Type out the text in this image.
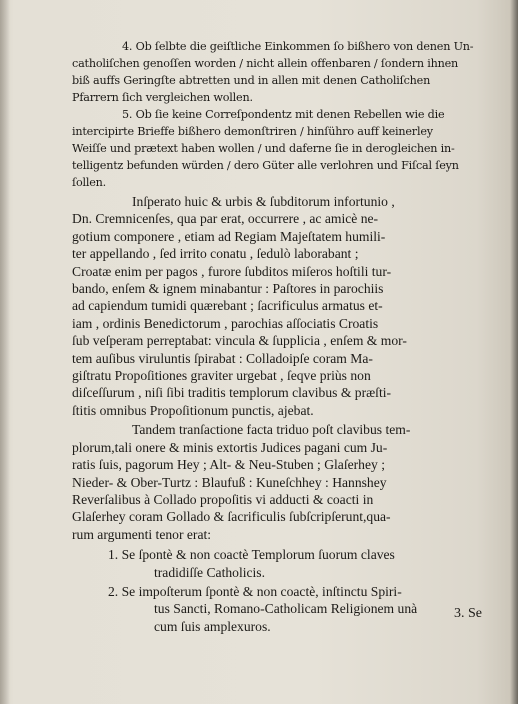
4. Ob ſelbte die geiſtliche Einkommen ſo bißhero von denen Un-
catholiſchen genoſſen worden / nicht allein offenbaren / ſondern ihnen
biß auffs Geringſte abtretten und in allen mit denen Catholiſchen
Pfarrern ſich vergleichen wollen.
5. Ob ſie keine Correſpondentz mit denen Rebellen wie die
intercipirte Brieffe bißhero demonſtriren / hinſühro auff keinerley
Weiſſe und prætext haben wollen / und daferne ſie in derogleichen in-
telligentz befunden würden / dero Güter alle verlohren und Fiſcal ſeyn
ſollen.
Inſperato huic & urbis & ſubditorum infortunio ,
Dn. Cremnicenſes, qua par erat, occurrere , ac amicè ne-
gotium componere , etiam ad Regiam Majeſtatem humili-
ter appellando , ſed irrito conatu , ſedulò laborabant ;
Croatæ enim per pagos , furore ſubditos miſeros hoſtili tur-
bando, enſem & ignem minabantur : Paſtores in parochiis
ad capiendum tumidi quærebant ; ſacrificulus armatus et-
iam , ordinis Benedictorum , parochias aſſociatis Croatis
ſub veſperam perreptabat: vincula & ſupplicia , enſem & mor-
tem auſibus viruluntis ſpirabat : Colladoipſe coram Ma-
giſtratu Propoſitiones graviter urgebat , ſeqve priùs non
diſceſſurum , niſi ſibi traditis templorum clavibus & præſti-
ſtitis omnibus Propoſitionum punctis, ajebat.
Tandem tranſactione facta triduo poſt clavibus tem-
plorum,tali onere & minis extortis Judices pagani cum Ju-
ratis ſuis, pagorum Hey ; Alt- & Neu-Stuben ; Glaſerhey ;
Nieder- & Ober-Turtz : Blaufuß : Kuneſchhey : Hannshey
Reverſalibus à Collado propoſitis vi adducti & coacti in
Glaſerhey coram Gollado & ſacrificulis ſubſcripſerunt,qua-
rum argumenti tenor erat:
1. Se ſpontè & non coactè Templorum ſuorum claves
tradidiſſe Catholicis.
2. Se impoſterum ſpontè & non coactè, inſtinctu Spiri-
tus Sancti, Romano-Catholicam Religionem unà
cum ſuis amplexuros.
3. Se
